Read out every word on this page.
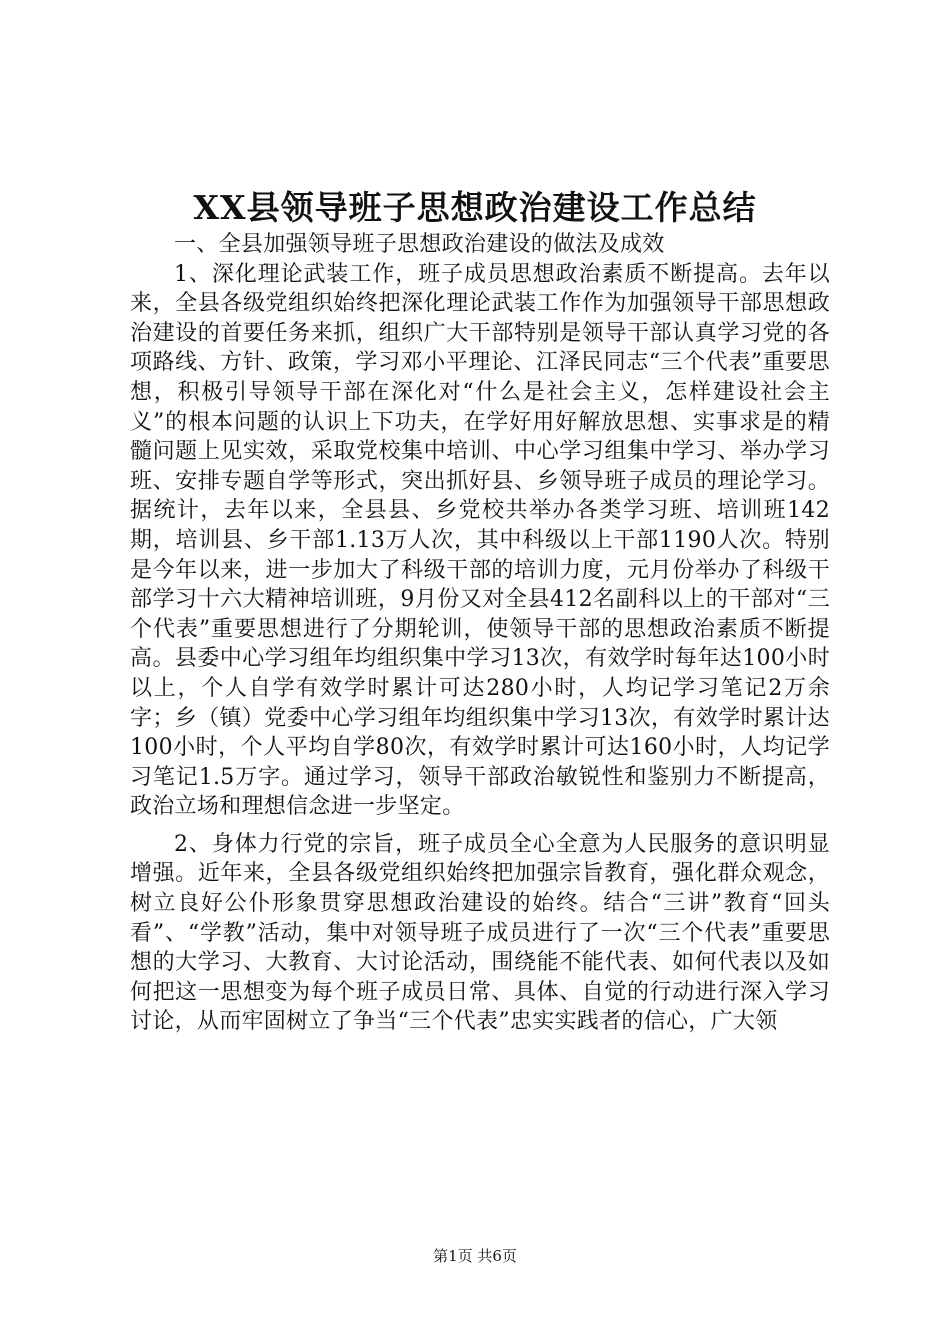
XX县领导班子思想政治建设工作总结

一、全县加强领导班子思想政治建设的做法及成效

1、深化理论武装工作，班子成员思想政治素质不断提高。去年以来，全县各级党组织始终把深化理论武装工作作为加强领导干部思想政治建设的首要任务来抓，组织广大干部特别是领导干部认真学习党的各项路线、方针、政策，学习邓小平理论、江泽民同志“三个代表”重要思想，积极引导领导干部在深化对“什么是社会主义，怎样建设社会主义”的根本问题的认识上下功夫，在学好用好解放思想、实事求是的精髓问题上见实效，采取党校集中培训、中心学习组集中学习、举办学习班、安排专题自学等形式，突出抓好县、乡领导班子成员的理论学习。据统计，去年以来，全县县、乡党校共举办各类学习班、培训班142期，培训县、乡干部1.13万人次，其中科级以上干部1190人次。特别是今年以来，进一步加大了科级干部的培训力度，元月份举办了科级干部学习十六大精神培训班，9月份又对全县412名副科以上的干部对“三个代表”重要思想进行了分期轮训，使领导干部的思想政治素质不断提高。县委中心学习组年均组织集中学习13次，有效学时每年达100小时以上，个人自学有效学时累计可达280小时，人均记学习笔记2万余字；乡（镇）党委中心学习组年均组织集中学习13次，有效学时累计达100小时，个人平均自学80次，有效学时累计可达160小时，人均记学习笔记1.5万字。通过学习，领导干部政治敏锐性和鉴别力不断提高，政治立场和理想信念进一步坚定。

2、身体力行党的宗旨，班子成员全心全意为人民服务的意识明显增强。近年来，全县各级党组织始终把加强宗旨教育，强化群众观念，树立良好公仆形象贯穿思想政治建设的始终。结合“三讲”教育“回头看”、“学教”活动，集中对领导班子成员进行了一次“三个代表”重要思想的大学习、大教育、大讨论活动，围绕能不能代表、如何代表以及如何把这一思想变为每个班子成员日常、具体、自觉的行动进行深入学习讨论，从而牢固树立了争当“三个代表”忠实实践者的信心，广大领

第1页 共6页
